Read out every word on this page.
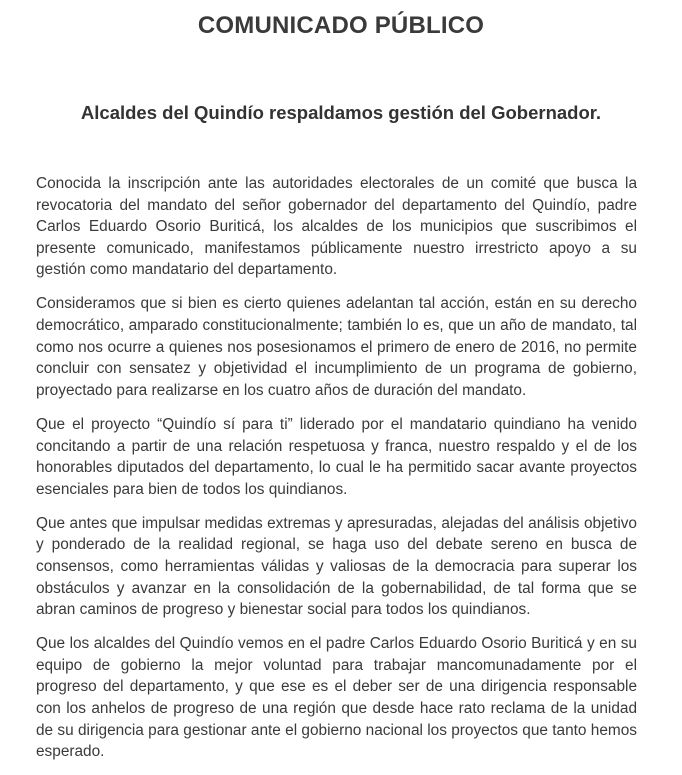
COMUNICADO PÚBLICO
Alcaldes del Quindío respaldamos gestión del Gobernador.

Conocida la inscripción ante las autoridades electorales de un comité que busca la revocatoria del mandato del señor gobernador del departamento del Quindío, padre Carlos Eduardo Osorio Buriticá, los alcaldes de los municipios que suscribimos el presente comunicado, manifestamos públicamente nuestro irrestricto apoyo a su gestión como mandatario del departamento.

Consideramos que si bien es cierto quienes adelantan tal acción, están en su derecho democrático, amparado constitucionalmente; también lo es, que un año de mandato, tal como nos ocurre a quienes nos posesionamos el primero de enero de 2016, no permite concluir con sensatez y objetividad el incumplimiento de un programa de gobierno, proyectado para realizarse en los cuatro años de duración del mandato.

Que el proyecto “Quindío sí para ti” liderado por el mandatario quindiano ha venido concitando a partir de una relación respetuosa y franca, nuestro respaldo y el de los honorables diputados del departamento, lo cual le ha permitido sacar avante proyectos esenciales para bien de todos los quindianos.

Que antes que impulsar medidas extremas y apresuradas, alejadas del análisis objetivo y ponderado de la realidad regional, se haga uso del debate sereno en busca de consensos, como herramientas válidas y valiosas de la democracia para superar los obstáculos y avanzar en la consolidación de la gobernabilidad, de tal forma que se abran caminos de progreso y bienestar social para todos los quindianos.

Que los alcaldes del Quindío vemos en el padre Carlos Eduardo Osorio Buriticá y en su equipo de gobierno la mejor voluntad para trabajar mancomunadamente por el progreso del departamento, y que ese es el deber ser de una dirigencia responsable con los anhelos de progreso de una región que desde hace rato reclama de la unidad de su dirigencia para gestionar ante el gobierno nacional los proyectos que tanto hemos esperado.
